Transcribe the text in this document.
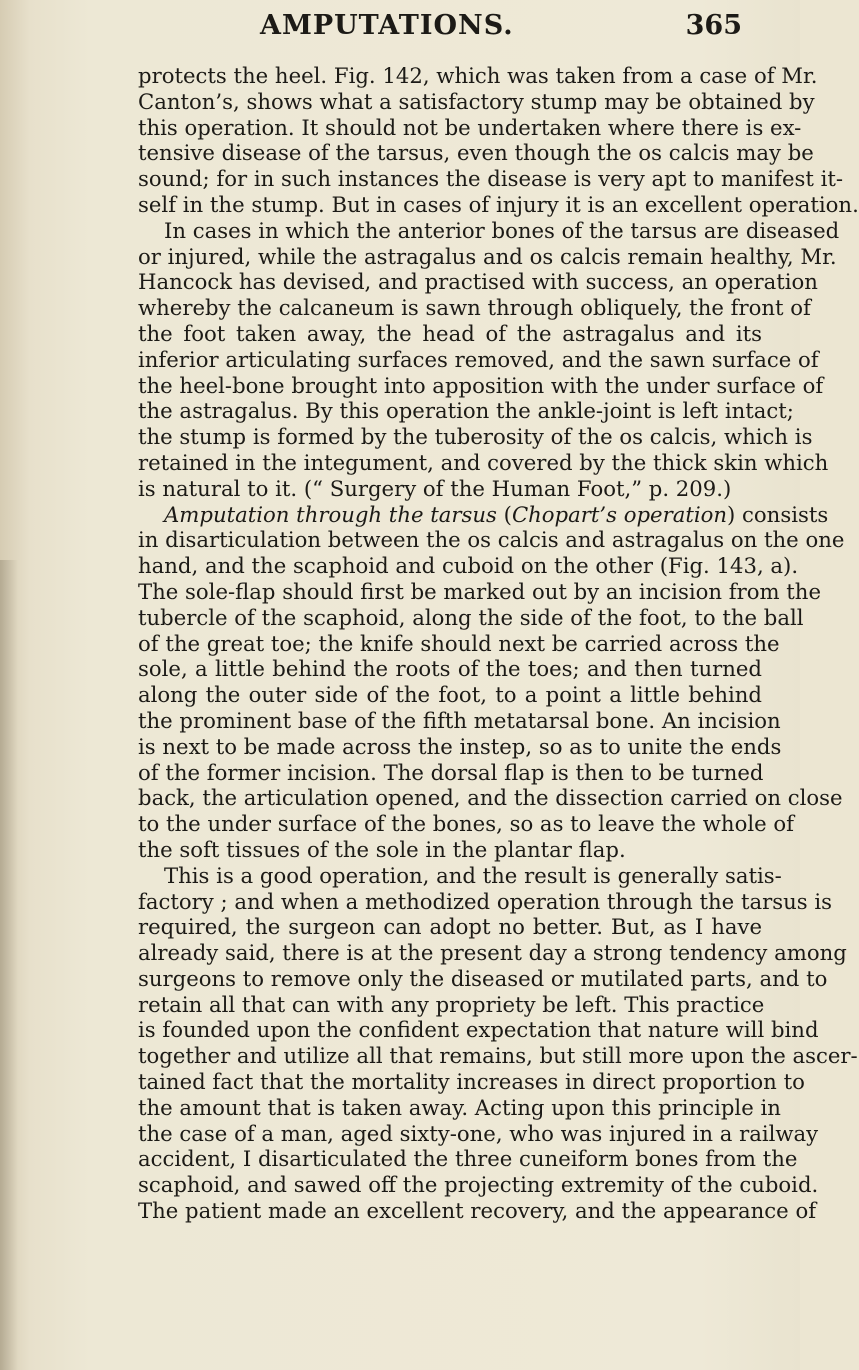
AMPUTATIONS.	365
protects the heel. Fig. 142, which was taken from a case of Mr.
Canton’s, shows what a satisfactory stump may be obtained by
this operation. It should not be undertaken where there is ex-
tensive disease of the tarsus, even though the os calcis may be
sound; for in such instances the disease is very apt to manifest it-
self in the stump. But in cases of injury it is an excellent operation.
In cases in which the anterior bones of the tarsus are diseased
or injured, while the astragalus and os calcis remain healthy, Mr.
Hancock has devised, and practised with success, an operation
whereby the calcaneum is sawn through obliquely, the front of
the foot taken away, the head of the astragalus and its
inferior articulating surfaces removed, and the sawn surface of
the heel-bone brought into apposition with the under surface of
the astragalus. By this operation the ankle-joint is left intact;
the stump is formed by the tuberosity of the os calcis, which is
retained in the integument, and covered by the thick skin which
is natural to it. (“ Surgery of the Human Foot,” p. 209.)
Amputation through the tarsus (Chopart’s operation) consists
in disarticulation between the os calcis and astragalus on the one
hand, and the scaphoid and cuboid on the other (Fig. 143, a).
The sole-flap should first be marked out by an incision from the
tubercle of the scaphoid, along the side of the foot, to the ball
of the great toe; the knife should next be carried across the
sole, a little behind the roots of the toes; and then turned
along the outer side of the foot, to a point a little behind
the prominent base of the fifth metatarsal bone. An incision
is next to be made across the instep, so as to unite the ends
of the former incision. The dorsal flap is then to be turned
back, the articulation opened, and the dissection carried on close
to the under surface of the bones, so as to leave the whole of
the soft tissues of the sole in the plantar flap.
This is a good operation, and the result is generally satis-
factory ; and when a methodized operation through the tarsus is
required, the surgeon can adopt no better. But, as I have
already said, there is at the present day a strong tendency among
surgeons to remove only the diseased or mutilated parts, and to
retain all that can with any propriety be left. This practice
is founded upon the confident expectation that nature will bind
together and utilize all that remains, but still more upon the ascer-
tained fact that the mortality increases in direct proportion to
the amount that is taken away. Acting upon this principle in
the case of a man, aged sixty-one, who was injured in a railway
accident, I disarticulated the three cuneiform bones from the
scaphoid, and sawed off the projecting extremity of the cuboid.
The patient made an excellent recovery, and the appearance of
